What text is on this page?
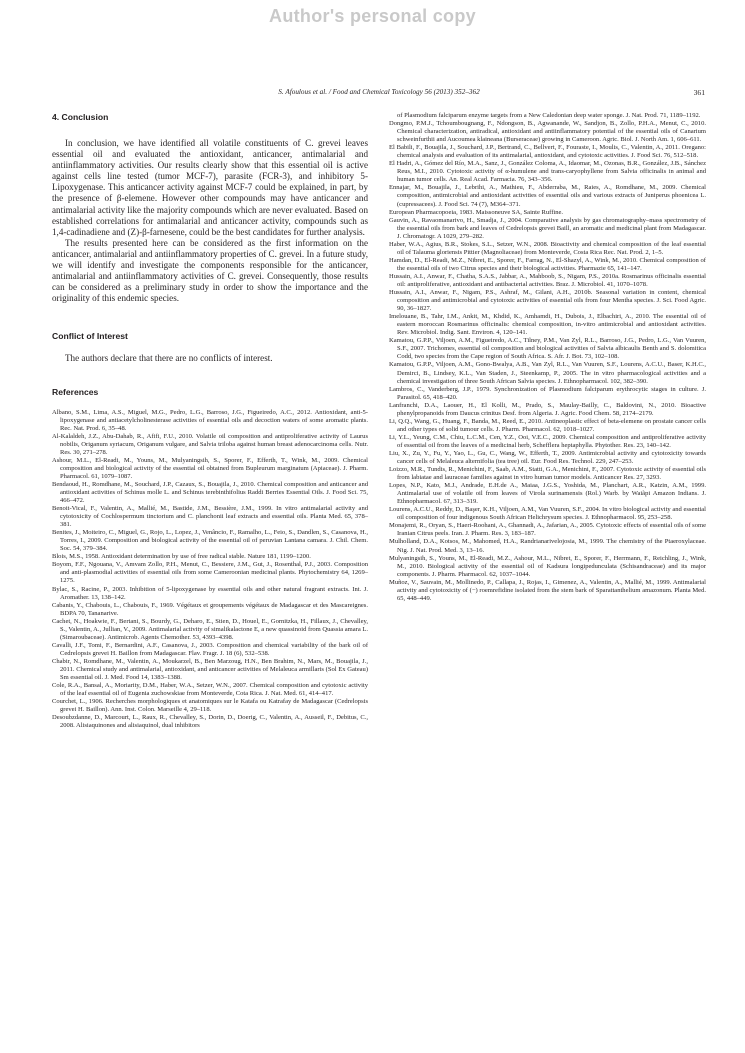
Author's personal copy
S. Afoulous et al. / Food and Chemical Toxicology 56 (2013) 352–362	361
4. Conclusion

In conclusion, we have identified all volatile constituents of C. grevei leaves essential oil and evaluated the antioxidant, anticancer, antimalarial and antiinflammatory activities. Our results clearly show that this essential oil is active against cells line tested (tumor MCF-7), parasite (FCR-3), and inhibitory 5-Lipoxygenase. This anticancer activity against MCF-7 could be explained, in part, by the presence of β-elemene. However other compounds may have anticancer and antimalarial activity like the majority compounds which are never evaluated. Based on established correlations for antimalarial and anticancer activity, compounds such as 1,4-cadinadiene and (Z)-β-farnesene, could be the best candidates for further analysis.

The results presented here can be considered as the first information on the anticancer, antimalarial and antiinflammatory properties of C. grevei. In a future study, we will identify and investigate the components responsible for the anticancer, antimalarial and antiinflammatory activities of C. grevei. Consequently, those results can be considered as a preliminary study in order to show the importance and the originality of this endemic species.

Conflict of Interest

The authors declare that there are no conflicts of interest.

References
Albano, S.M., Lima, A.S., Miguel, M.G., Pedro, L.G., Barroso, J.G., Figueiredo, A.C., 2012. Antioxidant, anti-5-lipoxygenase and antiacetylcholinesterase activities of essential oils and decoction waters of some aromatic plants. Rec. Nat. Prod. 6, 35–48.
Al-Kalaldeh, J.Z., Abu-Dahab, R., Afifi, F.U., 2010. Volatile oil composition and antiproliferative activity of Laurus nobilis, Origanum syriacum, Origanum vulgare, and Salvia triloba against human breast adenocarcinoma cells. Nutr. Res. 30, 271–278.
Ashour, M.L., El-Readi, M., Youns, M., Mulyaningsih, S., Sporer, F., Efferth, T., Wink, M., 2009. Chemical composition and biological activity of the essential oil obtained from Bupleurum marginatum (Apiaceae). J. Pharm. Pharmacol. 61, 1079–1087.
Bendaoud, H., Romdhane, M., Souchard, J.P., Cazaux, S., Bouajila, J., 2010. Chemical composition and anticancer and antioxidant activities of Schinus molle L. and Schinus terebinthifolius Raddi Berries Essential Oils. J. Food Sci. 75, 466–472.
Benoit-Vical, F., Valentin, A., Mallié, M., Bastide, J.M., Bessière, J.M., 1999. In vitro antimalarial activity and cytotoxicity of Cochlospermum tinctorium and C. planchonii leaf extracts and essential oils. Planta Med. 65, 378–381.
Benites, J., Moiteiro, C., Miguel, G., Rojo, L., Lopez, J., Venâncio, F., Ramalho, L., Feio, S., Dandlen, S., Casanova, H., Torres, I., 2009. Composition and biological activity of the essential oil of peruvian Lantana camara. J. Chil. Chem. Soc. 54, 379–384.
Blois, M.S., 1958. Antioxidant determination by use of free radical stable. Nature 181, 1199–1200.
Boyom, F.F., Ngouana, V., Amvam Zollo, P.H., Menut, C., Bessiere, J.M., Gut, J., Rosenthal, P.J., 2003. Composition and anti-plasmodial activities of essential oils from some Cameroonian medicinal plants. Phytochemistry 64, 1269–1275.
Bylac, S., Racine, P., 2003. Inhibition of 5-lipoxygenase by essential oils and other natural fragrant extracts. Int. J. Aromather. 13, 138–142.
Cabanis, Y., Chabouis, L., Chabouis, F., 1969. Végétaux et groupements végétaux de Madagascar et des Mascareignes. BDPA 70, Tananarive.
Cachet, N., Hoakwie, F., Bertani, S., Bourdy, G., Deharo, E., Stien, D., Houel, E., Gornitzka, H., Fillaux, J., Chevalley, S., Valentin, A., Jullian, V., 2009. Antimalarial activity of simalikalactone E, a new quassinoid from Quassia amara L. (Simaroubaceae). Antimicrob. Agents Chemother. 53, 4393–4398.
Cavalli, J.F., Tomi, F., Bernardini, A.F., Casanova, J., 2003. Composition and chemical variability of the bark oil of Cedrelopsis grevei H. Baillon from Madagascar. Flav. Fragr. J. 18 (6), 532–538.
Chabir, N., Romdhane, M., Valentin, A., Moukarzel, B., Ben Marzoug, H.N., Ben Brahim, N., Mars, M., Bouajila, J., 2011. Chemical study and antimalarial, antioxidant, and anticancer activities of Melaleuca armillaris (Sol Ex Gateau) Sm essential oil. J. Med. Food 14, 1383–1388.
Cole, R.A., Bansal, A., Moriarity, D.M., Haber, W.A., Setzer, W.N., 2007. Chemical composition and cytotoxic activity of the leaf essential oil of Eugenia zuchowskiae from Monteverde, Cota Rica. J. Nat. Med. 61, 414–417.
Courchet, L., 1906. Recherches morphologiques et anatomiques sur le Katafa ou Katrafay de Madagascar (Cedrelopsis grevei H. Baillon). Ann. Inst. Colon. Marseille 4, 29–118.
Desoubzdanne, D., Marcourt, L., Raux, R., Chevalley, S., Dorin, D., Doerig, C., Valentin, A., Ausseil, F., Debitus, C., 2008. Alisiaquinones and alisiaquinol, dual inhibitors
of Plasmodium falciparum enzyme targets from a New Caledonian deep water sponge. J. Nat. Prod. 71, 1189–1192.
Dongmo, P.M.J., Tchoumbougnang, F., Ndongson, B., Agwanande, W., Sandjon, B., Zollo, P.H.A., Menut, C., 2010. Chemical characterization, antiradical, antioxidant and antiinflammatory potential of the essential oils of Canarium schweinfurthii and Aucoumea klaineana (Burseraceae) growing in Cameroon. Agric. Biol. J. North Am. 1, 606–611.
El Babili, F., Bouajila, J., Souchard, J.P., Bertrand, C., Bellvert, F., Fouraste, I., Moulis, C., Valentin, A., 2011. Oregano: chemical analysis and evaluation of its antimalarial, antioxidant, and cytotoxic activities. J. Food Sci. 76, 512–518.
El Hadri, A., Gómez del Río, M.A., Sanz, J., González Coloma, A., Idaomar, M., Ozonas, B.R., González, J.B., Sánchez Reus, M.I., 2010. Cytotoxic activity of α-humulene and trans-caryophyllene from Salvia officinalis in animal and human tumor cells. An. Real Acad. Farmacia. 76, 343–356.
Ennajar, M., Bouajila, J., Lebrihi, A., Mathieu, F., Abderraba, M., Raies, A., Romdhane, M., 2009. Chemical composition, antimicrobial and antioxidant activities of essential oils and various extracts of Juniperus phoenicea L. (cupressacees). J. Food Sci. 74 (7), M364–371.
European Pharmacopoeia, 1983. Maissoneuve SA, Sainte Ruffine.
Gauvin, A., Ravaomanarivo, H., Smadja, J., 2004. Comparative analysis by gas chromatography–mass spectrometry of the essential oils from bark and leaves of Cedrelopsis grevei Baill, an aromatic and medicinal plant from Madagascar. J. Chromatogr. A 1029, 279–282.
Haber, W.A., Agius, B.R., Stokes, S.L., Setzer, W.N., 2008. Bioactivity and chemical composition of the leaf essential oil of Talauma gloriensis Pittier (Magnoliaceae) from Monteverde, Costa Rica Rec. Nat. Prod. 2, 1–5.
Hamdan, D., El-Readi, M.Z., Nibret, E., Sporer, F., Farrag, N., El-Shazyl, A., Wink, M., 2010. Chemical composition of the essential oils of two Citrus species and their biological activities. Pharmazie 65, 141–147.
Hussain, A.I., Anwar, F., Chatha, S.A.S., Jabbar, A., Mahboob, S., Nigam, P.S., 2010a. Rosmarinus officinalis essential oil: antiproliferative, antioxidant and antibacterial activities. Braz. J. Microbiol. 41, 1070–1078.
Hussain, A.I., Anwar, F., Nigam, P.S., Ashraf, M., Gilani, A.H., 2010b. Seasonal variation in content, chemical composition and antimicrobial and cytotoxic activities of essential oils from four Mentha species. J. Sci. Food Agric. 90, 36–1827.
Imelouane, B., Tahr, I.M., Ankit, M., Khdid, K., Amhamdi, H., Dubois, J., Elbachiri, A., 2010. The essential oil of eastern moroccan Rosmarinus officinalis: chemical composition, in-vitro antimicrobial and antioxidant activities. Rev. Microbiol. Indig. Sant. Environ. 4, 120–141.
Kamatou, G.P.P., Viljoen, A.M., Figueiredo, A.C., Tilney, P.M., Van Zyl, R.L., Barroso, J.G., Pedro, L.G., Van Vuuren, S.F., 2007. Trichomes, essential oil composition and biological activities of Salvia albicaulis Benth and S. dolomitica Codd, two species from the Cape region of South Africa. S. Afr. J. Bot. 73, 102–108.
Kamatou, G.P.P., Viljoen, A.M., Gono-Bwalya, A.B., Van Zyl, R.L., Van Vuuren, S.F., Lourens, A.C.U., Baser, K.H.C., Demirci, B., Lindsey, K.L., Van Staden, J., Steenkamp, P., 2005. The in vitro pharmacological activities and a chemical investigation of three South African Salvia species. J. Ethnopharmacol. 102, 382–390.
Lambros, C., Vanderberg, J.P., 1979. Synchronization of Plasmodium falciparum erythrocytic stages in culture. J. Parasitol. 65, 418–420.
Lanfranchi, D.A., Laouer, H., El Kolli, M., Prado, S., Maulay-Bailly, C., Baldovini, N., 2010. Bioactive phenylpropanoids from Daucus crinitus Desf. from Algeria. J. Agric. Food Chem. 58, 2174–2179.
Li, Q.Q., Wang, G., Huang, F., Banda, M., Reed, E., 2010. Antineoplastic effect of beta-elemene on prostate cancer cells and other types of solid tumour cells. J. Pharm. Pharmacol. 62, 1018–1027.
Li, Y.L., Yeung, C.M., Chiu, L.C.M., Cen, Y.Z., Ooi, V.E.C., 2009. Chemical composition and antiproliferative activity of essential oil from the leaves of a medicinal herb, Schefflera heptaphylla. Phytother. Res. 23, 140–142.
Liu, X., Zu, Y., Fu, Y., Yao, L., Gu, C., Wang, W., Efferth, T., 2009. Antimicrobial activity and cytotoxicity towards cancer cells of Melaleuca alternifolia (tea tree) oil. Eur. Food Res. Technol. 229, 247–253.
Loizzo, M.R., Tundis, R., Menichini, F., Saab, A.M., Statti, G.A., Menichini, F., 2007. Cytotoxic activity of essential oils from labiatae and lauraceae families against in vitro human tumor models. Anticancer Res. 27, 3293.
Lopes, N.P., Kato, M.J., Andrade, E.H.de A., Maiaa, J.G.S., Yoshida, M., Planchart, A.R., Katzin, A.M., 1999. Antimalarial use of volatile oil from leaves of Virola surinamensis (Rol.) Warb. by Waiãpi Amazon Indians. J. Ethnopharmacol. 67, 313–319.
Lourens, A.C.U., Reddy, D., Başer, K.H., Viljoen, A.M., Van Vuuren, S.F., 2004. In vitro biological activity and essential oil composition of four indigenous South African Helichrysum species. J. Ethnopharmacol. 95, 253–258.
Monajemi, R., Oryan, S., Haeri-Roohani, A., Ghannadi, A., Jafarian, A., 2005. Cytotoxic effects of essential oils of some Iranian Citrus peels. Iran. J. Pharm. Res. 3, 183–187.
Mulholland, D.A., Kotsos, M., Mahomed, H.A., Randrianarivelojosia, M., 1999. The chemistry of the Ptaeroxylaceae. Nig. J. Nat. Prod. Med. 3, 13–16.
Mulyaningsih, S., Youns, M., El-Readi, M.Z., Ashour, M.L., Nibret, E., Sporer, F., Herrmann, F., Reichling, J., Wink, M., 2010. Biological activity of the essential oil of Kadsura longipedunculata (Schisandraceae) and its major components. J. Pharm. Pharmacol. 62, 1037–1044.
Muñoz, V., Sauvain, M., Mollinedo, P., Callapa, J., Rojas, I., Gimenez, A., Valentin, A., Mallié, M., 1999. Antimalarial activity and cytotoxicity of (−) roemrefidine isolated from the stem bark of Sparattanthelium amazonum. Planta Med. 65, 448–449.
